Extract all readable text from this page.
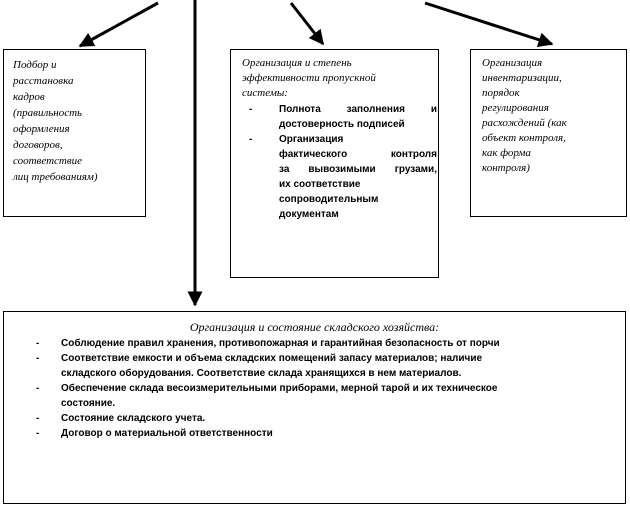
Подбор и
расстановка
кадров
(правильность
оформления
договоров,
соответствие
лиц требованиям)
Организация и степень
эффективности пропускной
системы:
-	Полнота заполнения и
достоверность подписей
-	Организация
фактического контроля
за вывозимыми грузами,
их соответствие
сопроводительным
документам
Организация
инвентаризации,
порядок
регулирования
расхождений (как
объект контроля,
как форма
контроля)
Организация и состояние складского хозяйства:
- Соблюдение правил хранения, противопожарная и гарантийная безопасность от порчи
- Соответствие емкости и объема складских помещений запасу материалов; наличие
складского оборудования. Соответствие склада хранящихся в нем материалов.
- Обеспечение склада весоизмерительными приборами, мерной тарой и их техническое
состояние.
- Состояние складского учета.
- Договор о материальной ответственности
